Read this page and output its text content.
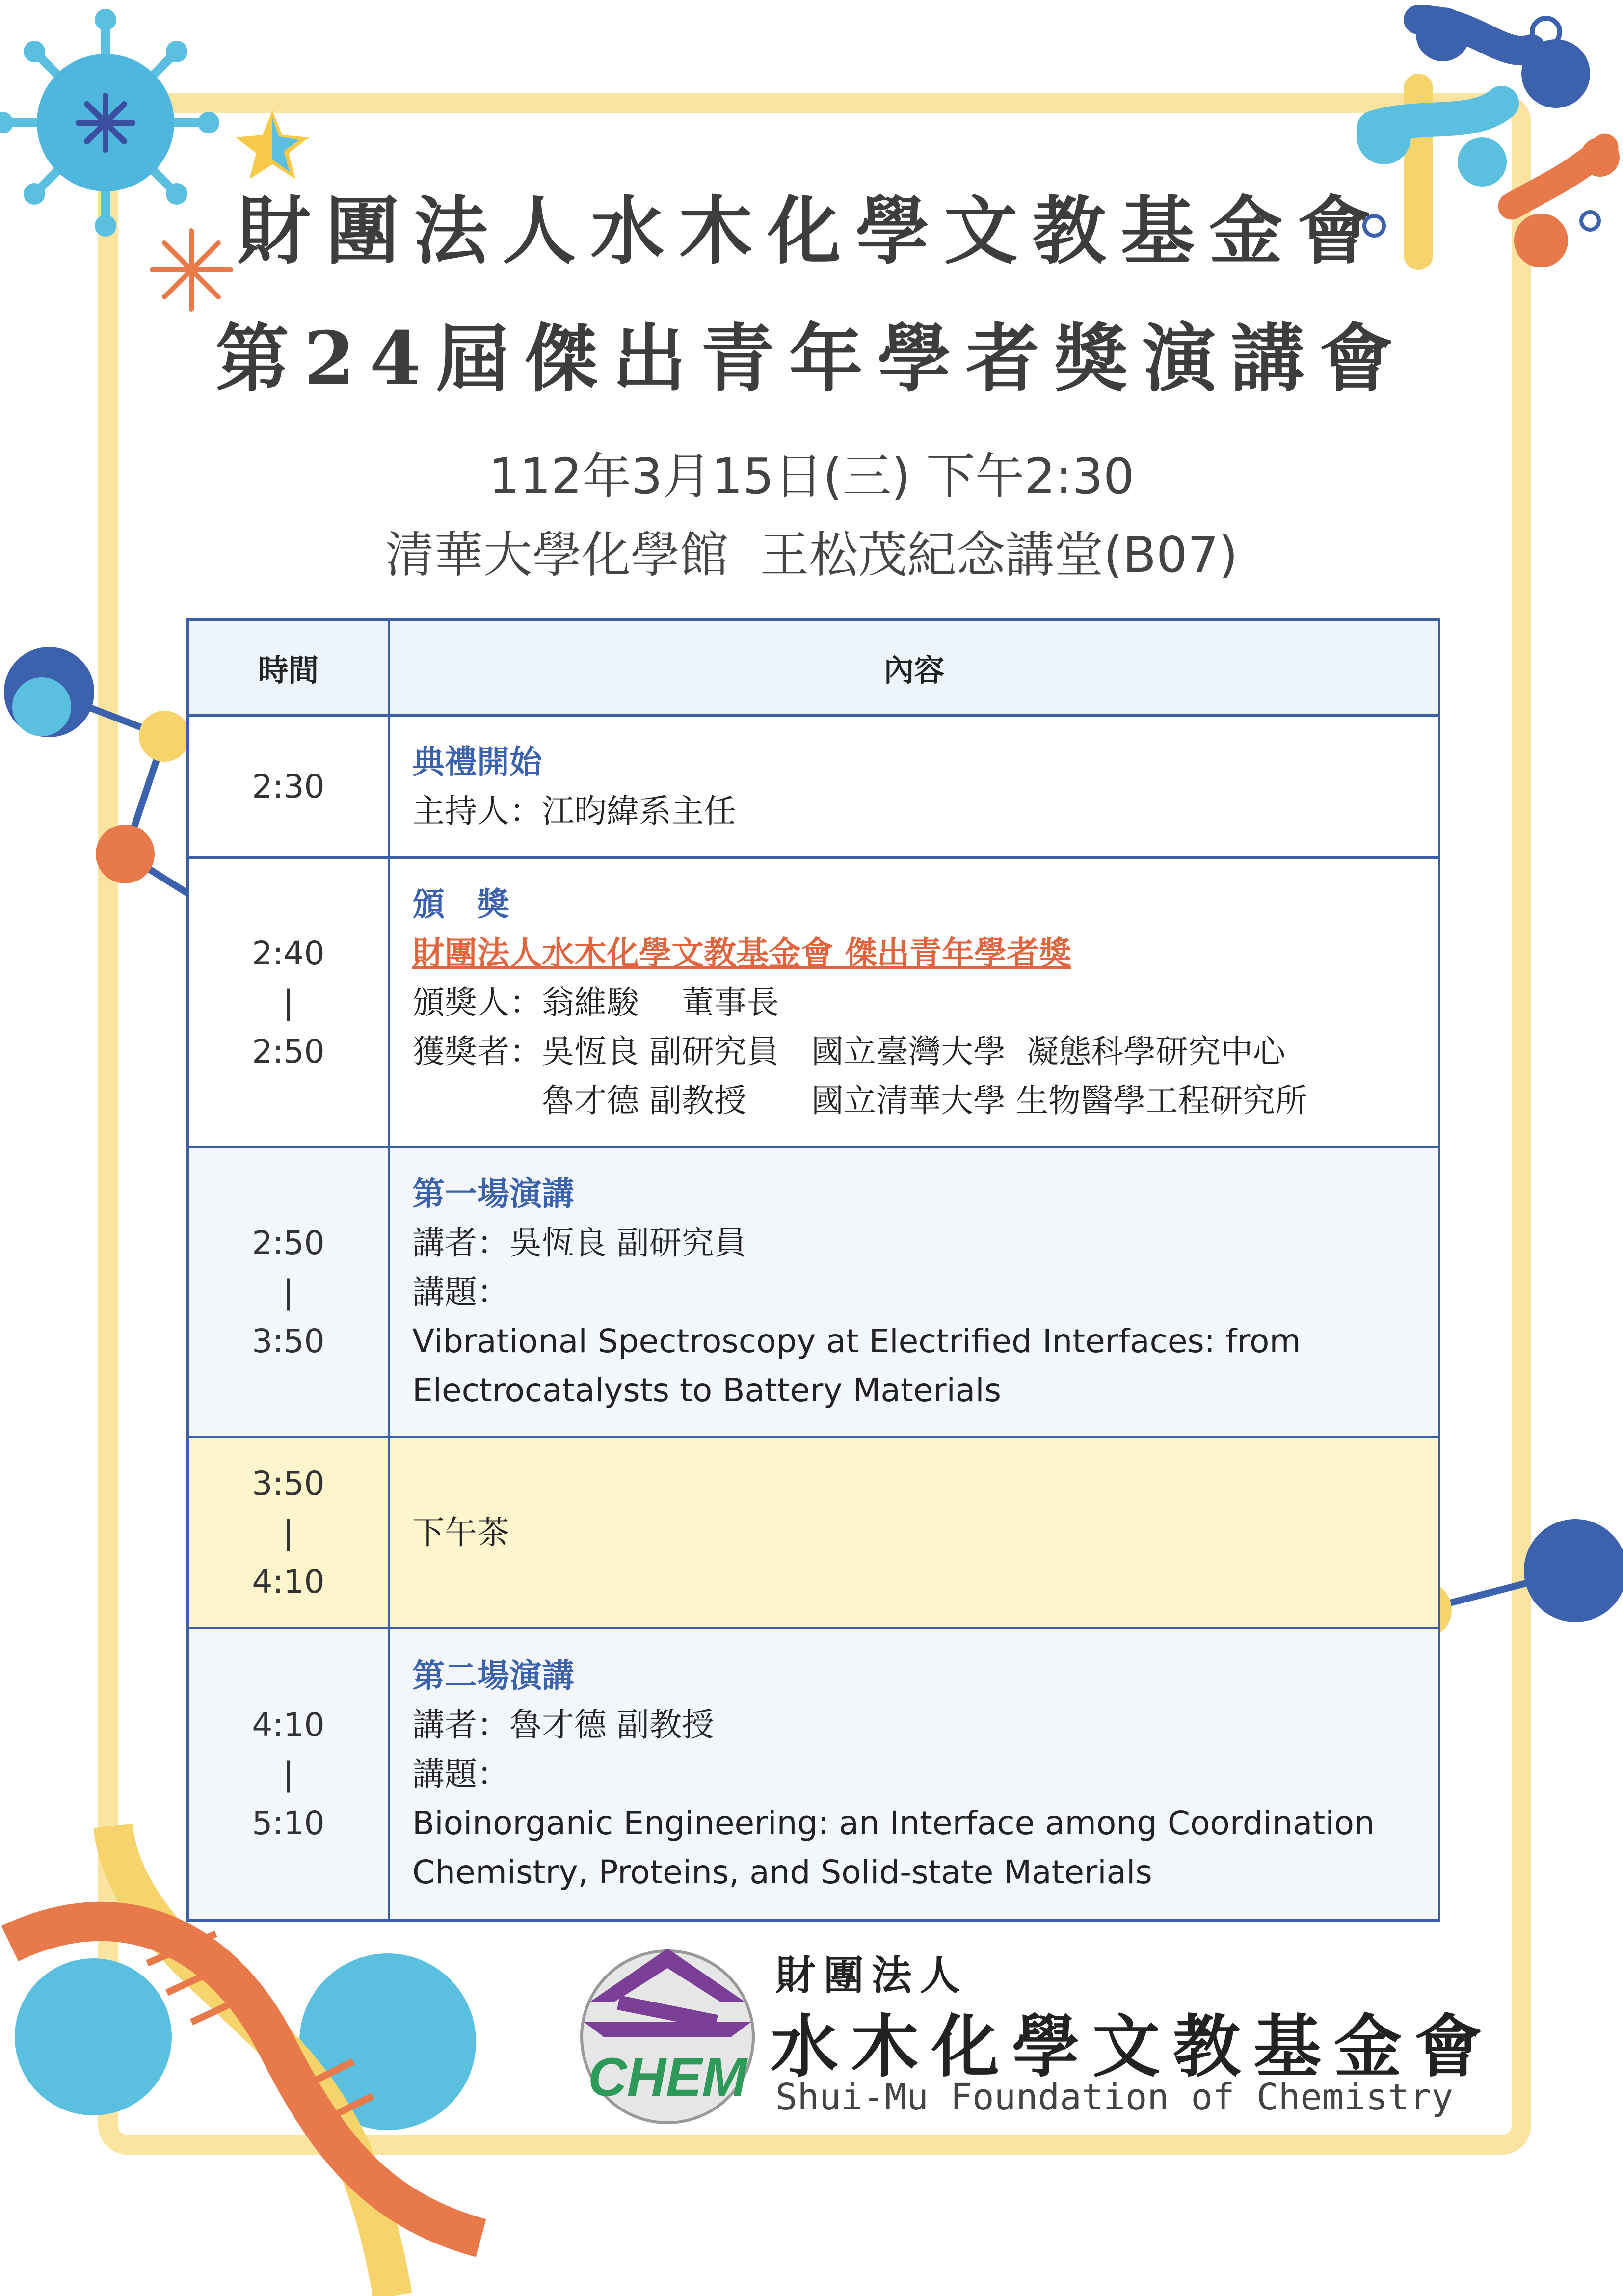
CHEM
財團法人水木化學文教基金會
第24屆傑出青年學者獎演講會
112年3月15日(三) 下午2:30
清華大學化學館  王松茂紀念講堂(B07)
時間	內容

2:30	典禮開始
主持人：江昀緯系主任

2:40
|
2:50	頒　獎
財團法人水木化學文教基金會 傑出青年學者獎
頒獎人：翁維駿　 董事長
獲獎者：吳恆良 副研究員　國立臺灣大學  凝態科學研究中心
　　　　魯才德 副教授　　國立清華大學 生物醫學工程研究所

2:50
|
3:50	第一場演講
講者：吳恆良 副研究員
講題：
Vibrational Spectroscopy at Electrified Interfaces: from
Electrocatalysts to Battery Materials

3:50
|
4:10	下午茶

4:10
|
5:10	第二場演講
講者：魯才德 副教授
講題：
Bioinorganic Engineering: an Interface among Coordination
Chemistry, Proteins, and Solid-state Materials
財團法人
水木化學文教基金會
Shui-Mu Foundation of Chemistry
